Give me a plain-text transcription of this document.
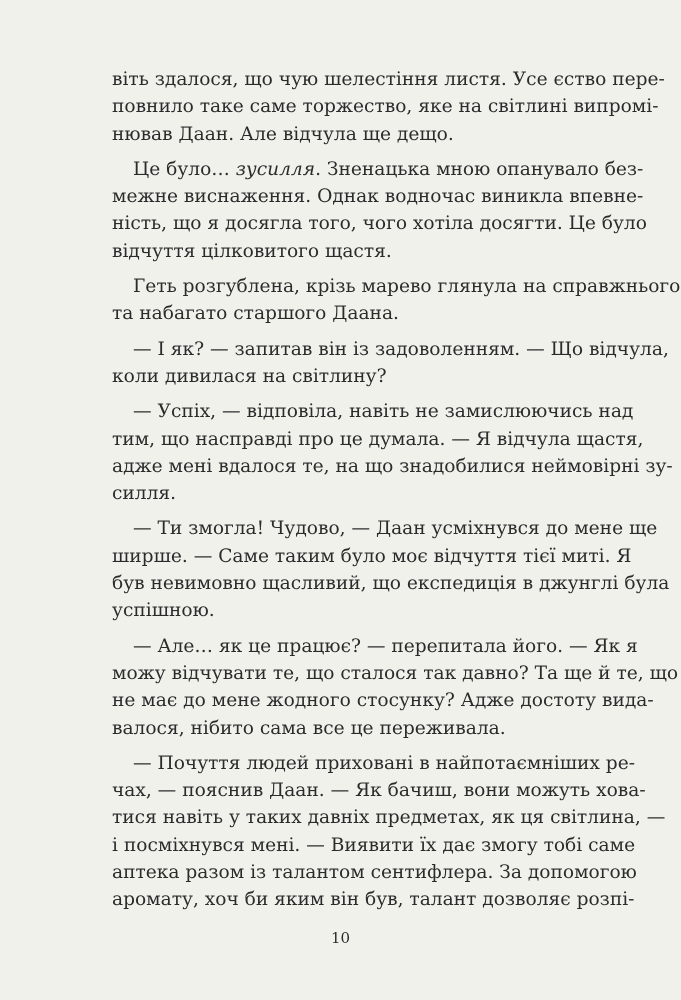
віть здалося, що чую шелестіння листя. Усе єство пере-
повнило таке саме торжество, яке на світлині випромі-
нював Даан. Але відчула ще дещо.
Це було… зусилля. Зненацька мною опанувало без-
межне виснаження. Однак водночас виникла впевне-
ність, що я досягла того, чого хотіла досягти. Це було
відчуття цілковитого щастя.
Геть розгублена, крізь марево глянула на справжнього
та набагато старшого Даана.
— І як? — запитав він із задоволенням. — Що відчула,
коли дивилася на світлину?
— Успіх, — відповіла, навіть не замислюючись над
тим, що насправді про це думала. — Я відчула щастя,
адже мені вдалося те, на що знадобилися неймовірні зу-
силля.
— Ти змогла! Чудово, — Даан усміхнувся до мене ще
ширше. — Саме таким було моє відчуття тієї миті. Я
був невимовно щасливий, що експедиція в джунглі була
успішною.
— Але… як це працює? — перепитала його. — Як я
можу відчувати те, що сталося так давно? Та ще й те, що
не має до мене жодного стосунку? Адже достоту вида-
валося, нібито сама все це переживала.
— Почуття людей приховані в найпотаємніших ре-
чах, — пояснив Даан. — Як бачиш, вони можуть хова-
тися навіть у таких давніх предметах, як ця світлина, —
і посміхнувся мені. — Виявити їх дає змогу тобі саме
аптека разом із талантом сентифлера. За допомогою
аромату, хоч би яким він був, талант дозволяє розпі-
10
